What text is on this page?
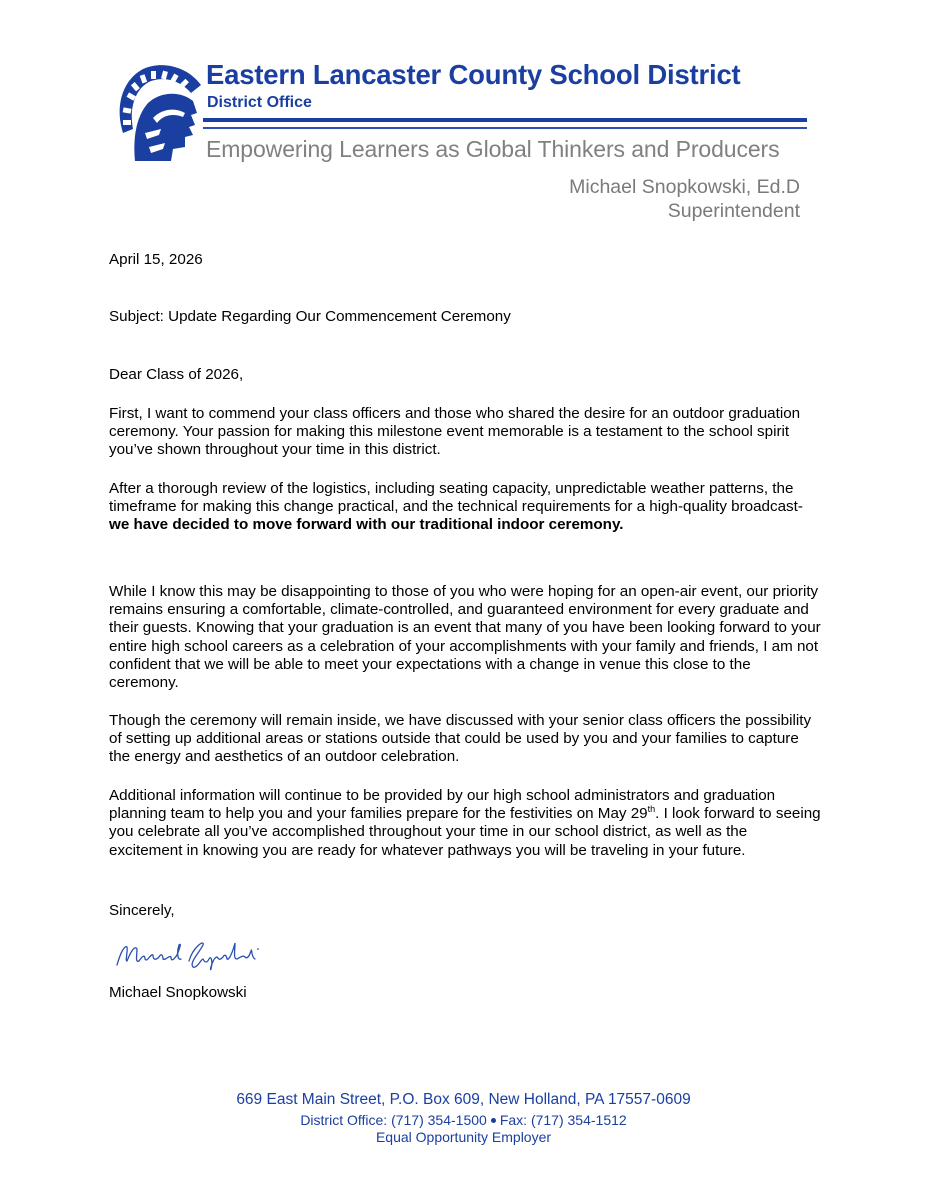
Eastern Lancaster County School District
District Office
Empowering Learners as Global Thinkers and Producers
Michael Snopkowski, Ed.D
Superintendent
April 15, 2026
Subject: Update Regarding Our Commencement Ceremony
Dear Class of 2026,
First, I want to commend your class officers and those who shared the desire for an outdoor graduation ceremony. Your passion for making this milestone event memorable is a testament to the school spirit you’ve shown throughout your time in this district.
After a thorough review of the logistics, including seating capacity, unpredictable weather patterns, the timeframe for making this change practical, and the technical requirements for a high-quality broadcast- we have decided to move forward with our traditional indoor ceremony.
While I know this may be disappointing to those of you who were hoping for an open-air event, our priority remains ensuring a comfortable, climate-controlled, and guaranteed environment for every graduate and their guests. Knowing that your graduation is an event that many of you have been looking forward to your entire high school careers as a celebration of your accomplishments with your family and friends, I am not confident that we will be able to meet your expectations with a change in venue this close to the ceremony.
Though the ceremony will remain inside, we have discussed with your senior class officers the possibility of setting up additional areas or stations outside that could be used by you and your families to capture the energy and aesthetics of an outdoor celebration.
Additional information will continue to be provided by our high school administrators and graduation planning team to help you and your families prepare for the festivities on May 29th. I look forward to seeing you celebrate all you’ve accomplished throughout your time in our school district, as well as the excitement in knowing you are ready for whatever pathways you will be traveling in your future.
Sincerely,
Michael Snopkowski
669 East Main Street, P.O. Box 609, New Holland, PA 17557-0609
District Office: (717) 354-1500 Fax: (717) 354-1512
Equal Opportunity Employer
